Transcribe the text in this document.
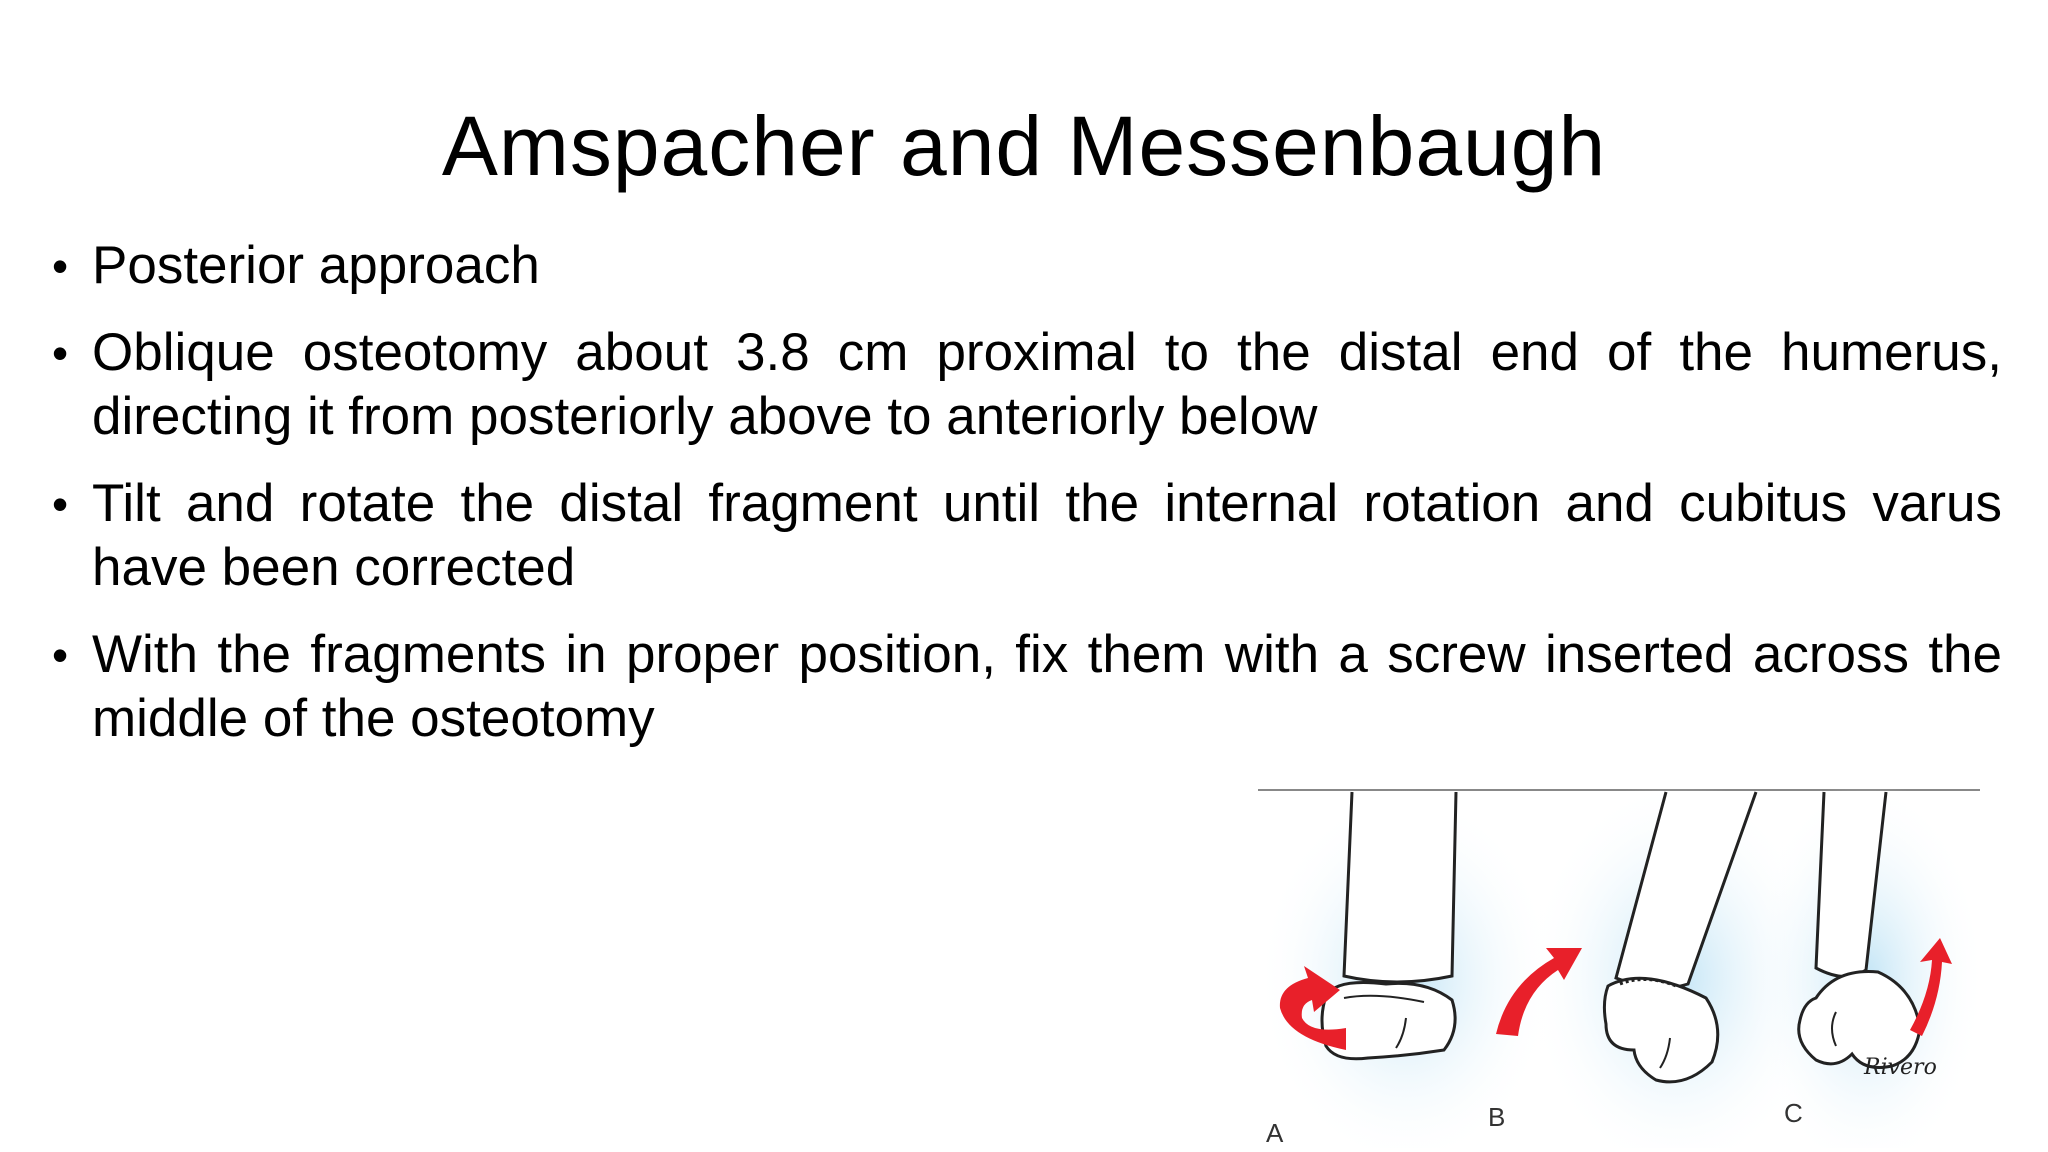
Amspacher and Messenbaugh
• Posterior approach
• Oblique osteotomy about 3.8 cm proximal to the distal end of the humerus, directing it from posteriorly above to anteriorly below
• Tilt and rotate the distal fragment until the internal rotation and cubitus varus have been corrected
• With the fragments in proper position, fix them with a screw inserted across the middle of the osteotomy
Rivero
A
B	C
